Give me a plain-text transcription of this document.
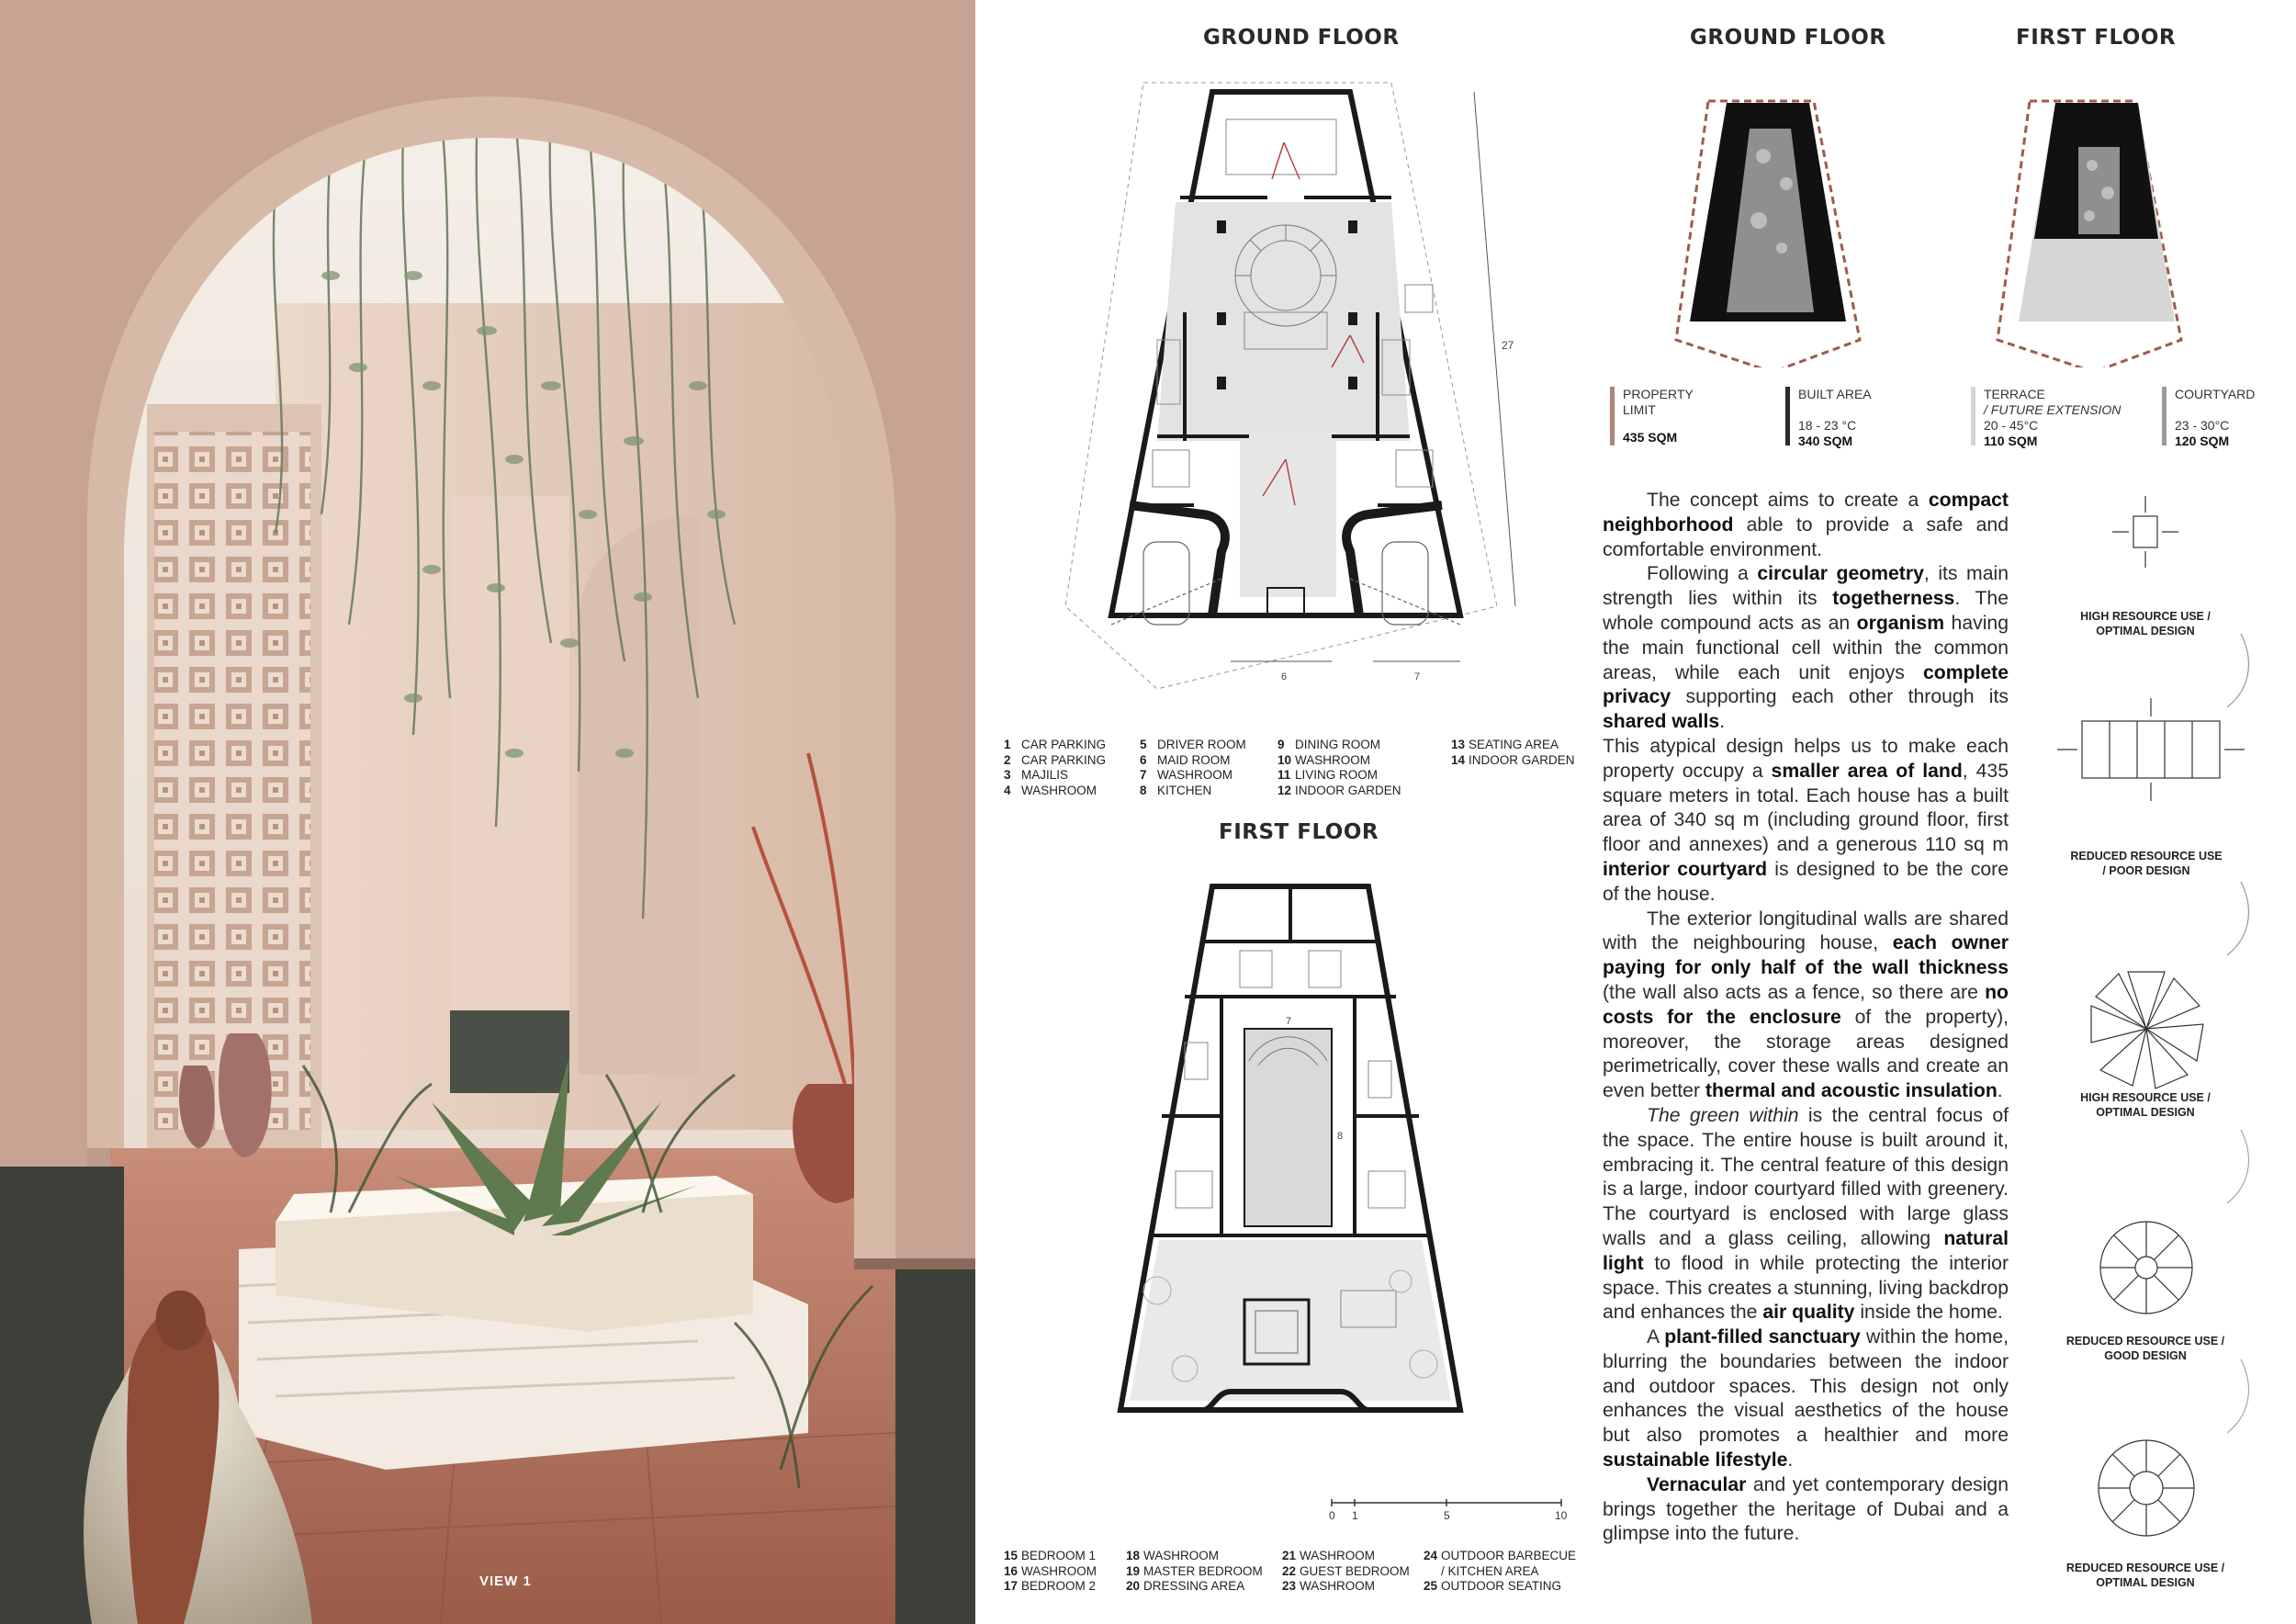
VIEW 1
GROUND FLOOR
6	7
27
1 CAR PARKING
2 CAR PARKING
3 MAJILIS
4 WASHROOM
5 DRIVER ROOM
6 MAID ROOM
7 WASHROOM
8 KITCHEN
9 DINING ROOM
10 WASHROOM
11 LIVING ROOM
12 INDOOR GARDEN
13 SEATING AREA
14 INDOOR GARDEN
FIRST FLOOR
7
8
0 1	5	10
15 BEDROOM 1
16 WASHROOM
17 BEDROOM 2
18 WASHROOM
19 MASTER BEDROOM
20 DRESSING AREA
21 WASHROOM
22 GUEST BEDROOM
23 WASHROOM
24 OUTDOOR BARBECUE
/ KITCHEN AREA
25 OUTDOOR SEATING
GROUND FLOOR	FIRST FLOOR
PROPERTY
LIMIT
435 SQM
BUILT AREA
18 - 23 °C
340 SQM
TERRACE
/ FUTURE EXTENSION
20 - 45°C
110 SQM
COURTYARD
23 - 30°C
120 SQM

The concept aims to create a compact neighborhood able to provide a safe and comfortable environment.

Following a circular geometry, its main strength lies within its togetherness. The whole compound acts as an organism having the main functional cell within the common areas, while each unit enjoys complete privacy supporting each other through its shared walls.

This atypical design helps us to make each property occupy a smaller area of land, 435 square meters in total. Each house has a built area of 340 sq m (including ground floor, first floor and annexes) and a generous 110 sq m interior courtyard is designed to be the core of the house.

The exterior longitudinal walls are shared with the neighbouring house, each owner paying for only half of the wall thickness (the wall also acts as a fence, so there are no costs for the enclosure of the property), moreover, the storage areas designed perimetrically, cover these walls and create an even better thermal and acoustic insulation.

The green within is the central focus of the space. The entire house is built around it, embracing it. The central feature of this design is a large, indoor courtyard filled with greenery. The courtyard is enclosed with large glass walls and a glass ceiling, allowing natural light to flood in while protecting the interior space. This creates a stunning, living backdrop and enhances the air quality inside the home.

A plant-filled sanctuary within the home, blurring the boundaries between the indoor and outdoor spaces. This design not only enhances the visual aesthetics of the house but also promotes a healthier and more sustainable lifestyle.

Vernacular and yet contemporary design brings together the heritage of Dubai and a glimpse into the future.

HIGH RESOURCE USE /
OPTIMAL DESIGN
REDUCED RESOURCE USE
/ POOR DESIGN
HIGH RESOURCE USE /
OPTIMAL DESIGN
REDUCED RESOURCE USE /
GOOD DESIGN
REDUCED RESOURCE USE /
OPTIMAL DESIGN
